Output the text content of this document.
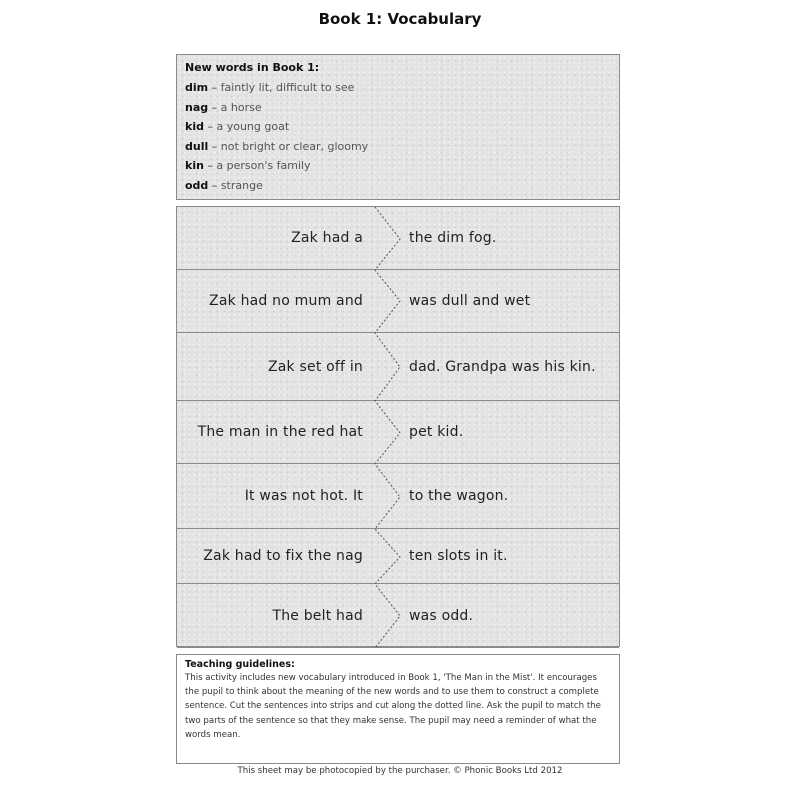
Book 1: Vocabulary
New words in Book 1:
dim – faintly lit, difficult to see
nag – a horse
kid – a young goat
dull – not bright or clear, gloomy
kin – a person's family
odd – strange
Zak had a	the dim fog.
Zak had no mum and	was dull and wet
Zak set off in	dad. Grandpa was his kin.
The man in the red hat	pet kid.
It was not hot. It	to the wagon.
Zak had to fix the nag	ten slots in it.
The belt had	was odd.
Teaching guidelines:
This activity includes new vocabulary introduced in Book 1, 'The Man in the Mist'. It encourages the pupil to think about the meaning of the new words and to use them to construct a complete sentence. Cut the sentences into strips and cut along the dotted line. Ask the pupil to match the two parts of the sentence so that they make sense. The pupil may need a reminder of what the words mean.
This sheet may be photocopied by the purchaser. © Phonic Books Ltd 2012
